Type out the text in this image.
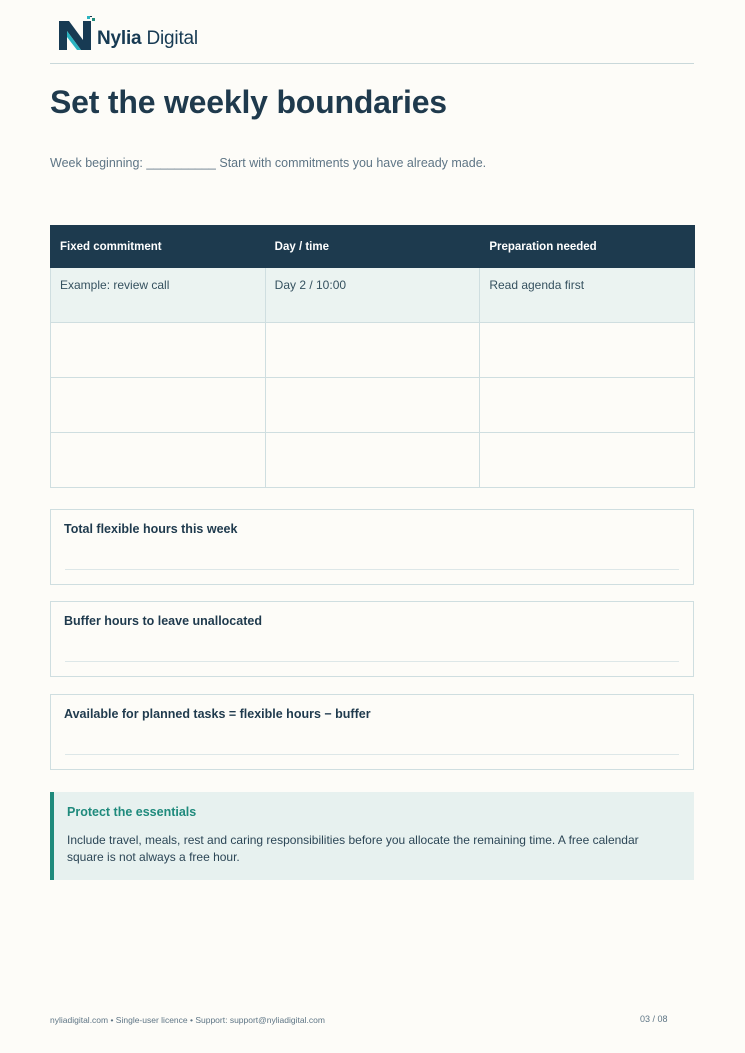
Nylia Digital
Set the weekly boundaries
Week beginning: __________ Start with commitments you have already made.
Fixed commitment	Day / time	Preparation needed
Example: review call	Day 2 / 10:00	Read agenda first

Total flexible hours this week
Buffer hours to leave unallocated
Available for planned tasks = flexible hours − buffer
Protect the essentials
Include travel, meals, rest and caring responsibilities before you allocate the remaining time. A free calendar square is not always a free hour.
nyliadigital.com • Single-user licence • Support: support@nyliadigital.com	03 / 08
